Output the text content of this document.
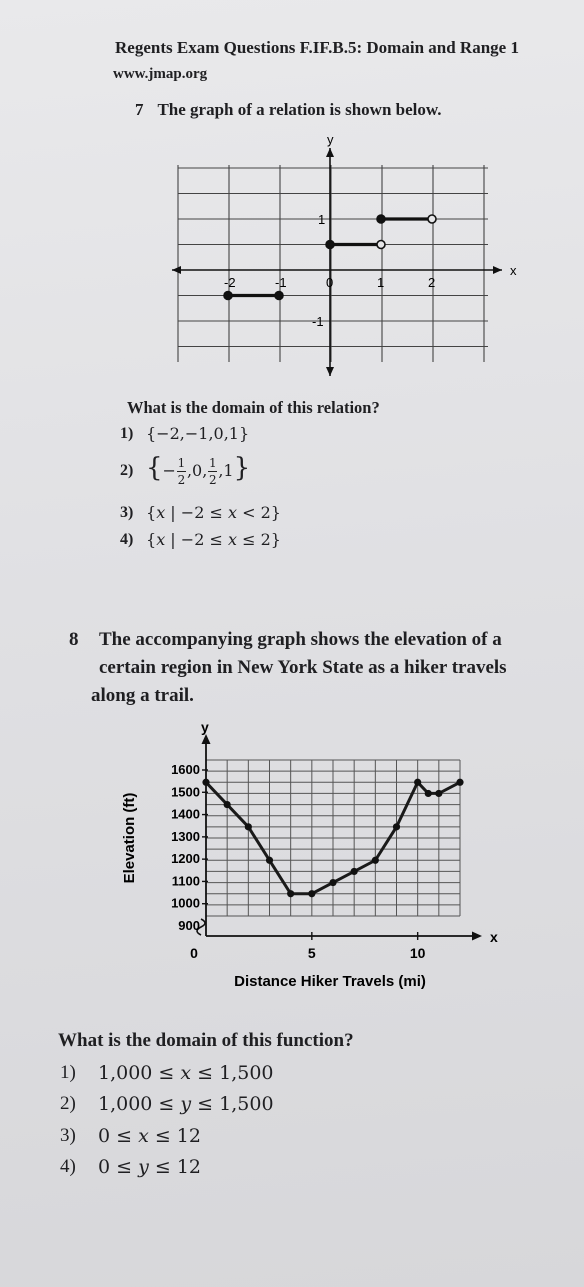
Regents Exam Questions F.IF.B.5: Domain and Range 1
www.jmap.org
7 The graph of a relation is shown below.
x
y
-2	-1	0	1	2
1
-1
What is the domain of this relation?
1) {−2,−1,0,1}
2) {− $\frac{1}{2} ,0$, $\frac{1}{2} ,1$}
3) {x | −2 ≤ x < 2}
4) {x | −2 ≤ x ≤ 2}
8	The accompanying graph shows the elevation of a

certain region in New York State as a hiker travels

along a trail.

x
y
1600
1500
1400
1300
1200
1100
1000
900
0	5	10
Distance Hiker Travels (mi)
Elevation (ft)
What is the domain of this function?
1)	1,000 ≤ x ≤ 1,500
2)	1,000 ≤ y ≤ 1,500
3)	0 ≤ x ≤ 12
4)	0 ≤ y ≤ 12
